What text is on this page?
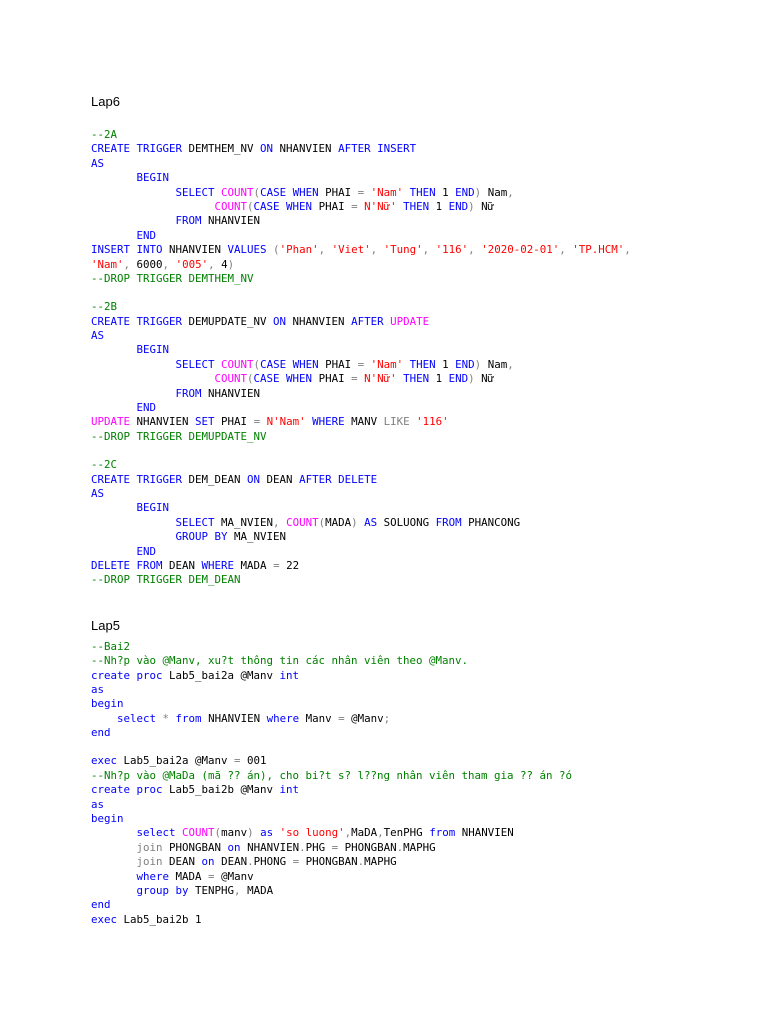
Lap6

--2A
CREATE TRIGGER DEMTHEM_NV ON NHANVIEN AFTER INSERT
AS
BEGIN
SELECT COUNT(CASE WHEN PHAI = 'Nam' THEN 1 END) Nam,
COUNT(CASE WHEN PHAI = N'Nữ' THEN 1 END) Nữ
FROM NHANVIEN
END
INSERT INTO NHANVIEN VALUES ('Phan', 'Viet', 'Tung', '116', '2020-02-01', 'TP.HCM',
'Nam', 6000, '005', 4)
--DROP TRIGGER DEMTHEM_NV
--2B
CREATE TRIGGER DEMUPDATE_NV ON NHANVIEN AFTER UPDATE
AS
BEGIN
SELECT COUNT(CASE WHEN PHAI = 'Nam' THEN 1 END) Nam,
COUNT(CASE WHEN PHAI = N'Nữ' THEN 1 END) Nữ
FROM NHANVIEN
END
UPDATE NHANVIEN SET PHAI = N'Nam' WHERE MANV LIKE '116'
--DROP TRIGGER DEMUPDATE_NV
--2C
CREATE TRIGGER DEM_DEAN ON DEAN AFTER DELETE
AS
BEGIN
SELECT MA_NVIEN, COUNT(MADA) AS SOLUONG FROM PHANCONG
GROUP BY MA_NVIEN
END
DELETE FROM DEAN WHERE MADA = 22
--DROP TRIGGER DEM_DEAN

Lap5

--Bai2
--Nh?p vào @Manv, xu?t thông tin các nhân viên theo @Manv.
create proc Lab5_bai2a @Manv int
as
begin
select * from NHANVIEN where Manv = @Manv;
end
exec Lab5_bai2a @Manv = 001
--Nh?p vào @MaDa (mã ?? án), cho bi?t s? l??ng nhân viên tham gia ?? án ?ó
create proc Lab5_bai2b @Manv int
as
begin
select COUNT(manv) as 'so luong',MaDA,TenPHG from NHANVIEN
join PHONGBAN on NHANVIEN.PHG = PHONGBAN.MAPHG
join DEAN on DEAN.PHONG = PHONGBAN.MAPHG
where MADA = @Manv
group by TENPHG, MADA
end
exec Lab5_bai2b 1
